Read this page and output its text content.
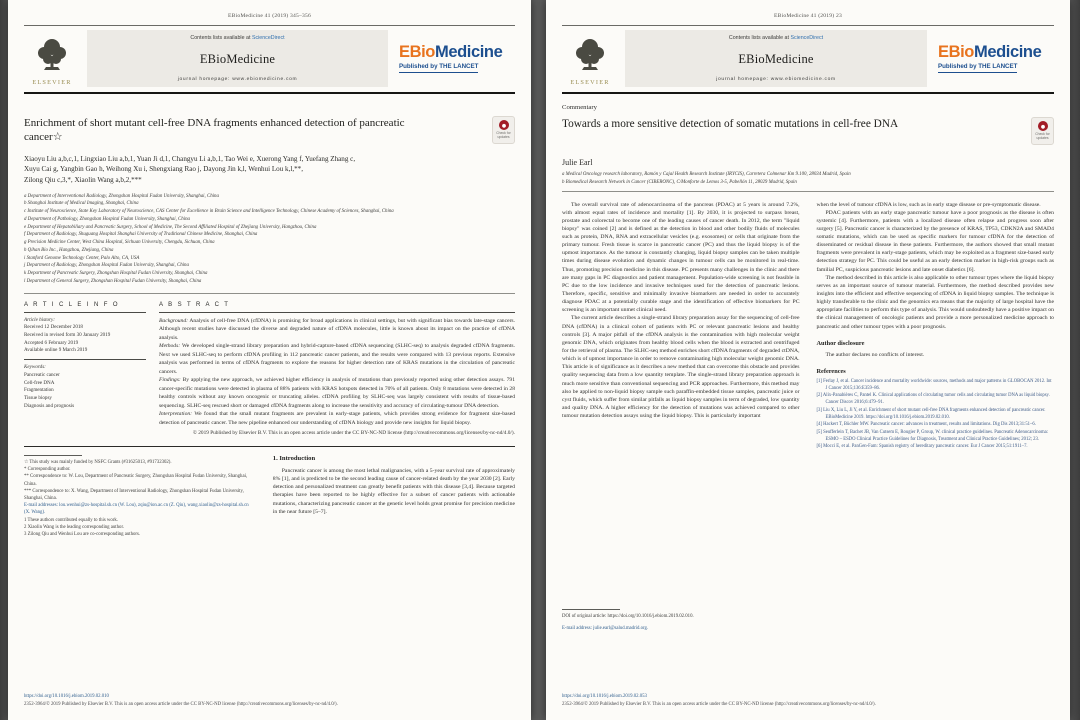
EBioMedicine 41 (2019) 345–356
ELSEVIER
Contents lists available at ScienceDirect
EBioMedicine
journal homepage: www.ebiomedicine.com
EBioMedicine
Published by THE LANCET
Enrichment of short mutant cell-free DNA fragments enhanced detection of pancreatic cancer☆	Check for updates
Xiaoyu Liu a,b,c,1, Lingxiao Liu a,b,1, Yuan Ji d,1, Changyu Li a,b,1, Tao Wei e, Xuerong Yang f, Yuefang Zhang c,
Xuyu Cai g, Yangbin Gao h, Weihong Xu i, Shengxiang Rao j, Dayong Jin k,l, Wenhui Lou k,l,**,
Zilong Qiu c,3,*, Xiaolin Wang a,b,2,***
a Department of Interventional Radiology, Zhongshan Hospital Fudan University, Shanghai, China
b Shanghai Institute of Medical Imaging, Shanghai, China
c Institute of Neuroscience, State Key Laboratory of Neuroscience, CAS Center for Excellence in Brain Science and Intelligence Technology, Chinese Academy of Sciences, Shanghai, China
d Department of Pathology, Zhongshan Hospital Fudan University, Shanghai, China
e Department of Hepatobiliary and Pancreatic Surgery, School of Medicine, The Second Affiliated Hospital of Zhejiang University, Hangzhou, China
f Department of Radiology, Shuguang Hospital Shanghai University of Traditional Chinese Medicine, Shanghai, China
g Precision Medicine Center, West China Hospital, Sichuan University, Chengdu, Sichuan, China
h Qihan Bio Inc., Hangzhou, Zhejiang, China
i Stanford Genome Technology Center, Palo Alto, CA, USA
j Department of Radiology, Zhongshan Hospital Fudan University, Shanghai, China
k Department of Pancreatic Surgery, Zhongshan Hospital Fudan University, Shanghai, China
l Department of General Surgery, Zhongshan Hospital Fudan University, Shanghai, China
A R T I C L E I N F O
Article history:
Received 12 December 2018
Received in revised form 30 January 2019
Accepted 6 February 2019
Available online 9 March 2019
Keywords:
Pancreatic cancer
Cell-free DNA
Fragmentation
Tissue biopsy
Diagnosis and prognosis
A B S T R A C T

Background: Analysis of cell-free DNA (cfDNA) is promising for broad applications in clinical settings, but with significant bias towards late-stage cancers. Although recent studies have discussed the diverse and degraded nature of cfDNA molecules, little is known about its impact on the practice of cfDNA analysis.

Methods: We developed single-strand library preparation and hybrid-capture-based cfDNA sequencing (SLHC-seq) to analysis degraded cfDNA fragments. Next we used SLHC-seq to perform cfDNA profiling in 112 pancreatic cancer patients, and the results were compared with 13 previous reports. Extensive analysis was performed in terms of cfDNA fragments to explore the reasons for higher detection rate of KRAS mutations in the circulation of pancreatic cancers.

Findings: By applying the new approach, we achieved higher efficiency in analysis of mutations than previously reported using other detection assays. 791 cancer-specific mutations were detected in plasma of 88% patients with KRAS hotspots detected in 70% of all patients. Only 8 mutations were detected in 28 healthy controls without any known oncogenic or truncating alleles. cfDNA profiling by SLHC-seq was largely consistent with results of tissue-based sequencing. SLHC-seq rescued short or damaged cfDNA fragments along to increase the sensitivity and accuracy of circulating-tumour DNA detection.

Interpretation: We found that the small mutant fragments are prevalent in early-stage patients, which provides strong evidence for fragment size-based detection of pancreatic cancer. The new pipeline enhanced our understanding of cfDNA biology and provide new insights for liquid biopsy.

© 2019 Published by Elsevier B.V. This is an open access article under the CC BY-NC-ND license (http://creativecommons.org/licenses/by-nc-nd/4.0/).
☆ This study was mainly funded by NSFC Grants (#31625013, #91732302).
* Corresponding author.
** Correspondence to: W. Lou, Department of Pancreatic Surgery, Zhongshan Hospital Fudan University, Shanghai, China.
*** Correspondence to: X. Wang, Department of Interventional Radiology, Zhongshan Hospital Fudan University, Shanghai, China.
E-mail addresses: lou.wenhui@zs-hospital.sh.cn (W. Lou), zqiu@ion.ac.cn (Z. Qiu), wang.xiaolin@zs-hospital.sh.cn (X. Wang).
1 These authors contributed equally to this work.
2 Xiaolin Wang is the leading corresponding author.
3 Zilong Qiu and Wenhui Lou are co-corresponding authors.
1. Introduction

Pancreatic cancer is among the most lethal malignancies, with a 5-year survival rate of approximately 8% [1], and is predicted to be the second leading cause of cancer-related death by the year 2030 [2]. Early detection and personalized treatment can greatly benefit patients with this disease [3,4]. Because targeted therapies have been reported to be highly effective for a subset of cancer patients with actionable mutations, characterizing pancreatic cancer at the genetic level holds great promise for precision medicine in the near future [5–7].

https://doi.org/10.1016/j.ebiom.2019.02.010
2352-3964/© 2019 Published by Elsevier B.V. This is an open access article under the CC BY-NC-ND license (http://creativecommons.org/licenses/by-nc-nd/4.0/).
EBioMedicine 41 (2019) 23
ELSEVIER
Contents lists available at ScienceDirect
EBioMedicine
journal homepage: www.ebiomedicine.com
EBioMedicine
Published by THE LANCET
Commentary
Towards a more sensitive detection of somatic mutations in cell-free DNA
Check for updates
Julie Earl
a Medical Oncology research laboratory, Ramón y Cajal Health Research Institute (IRYCIS), Carretera Colmenar Km 9.100, 28034 Madrid, Spain
b Biomedical Research Network in Cancer (CIBERONC), C/Monforte de Lemos 3-5, Pabellón 11, 28029 Madrid, Spain

The overall survival rate of adenocarcinoma of the pancreas (PDAC) at 5 years is around 7.2%, with almost equal rates of incidence and mortality [1]. By 2030, it is projected to surpass breast, prostate and colorectal to become one of the leading causes of cancer death. In 2012, the term "liquid biopsy" was coined [2] and is defined as the detection in blood and other bodily fluids of molecules such as protein, DNA, RNA and extracellular vesicles (e.g. exosomes) or cells that originate from the primary tumour. Fresh tissue is scarce in pancreatic cancer (PC) and thus the liquid biopsy is of the upmost importance. As the tumour is constantly changing, liquid biopsy samples can be taken multiple times during disease evolution and dynamic changes in tumour cells can be monitored in real-time. Thus, promoting precision medicine in this disease. PC presents many challenges in the clinic and there are many gaps in PC diagnostics and patient management. Population-wide screening is not feasible in PC due to the low incidence and invasive techniques used for the detection of pancreatic lesions. Therefore, specific, sensitive and minimally invasive biomarkers are needed in order to accurately diagnose PDAC at a potentially curable stage and the identification of effective biomarkers for PC screening is an important unmet clinical need.

The current article describes a single-strand library preparation assay for the sequencing of cell-free DNA (cfDNA) in a clinical cohort of patients with PC or relevant pancreatic lesions and healthy controls [3]. A major pitfall of the cfDNA analysis is the contamination with high molecular weight genomic DNA, which originates from healthy blood cells when the blood is extracted and centrifuged for the retrieval of plasma. The SLHC-seq method enriches short cfDNA fragments of degraded ctDNA, which is of upmost importance in order to remove contaminating high molecular weight genomic DNA. This article is of significance as it describes a new method that can overcome this obstacle and provides quality sequencing data from a low quantity template. The single-strand library preparation approach is much more sensitive than conventional sequencing and PCR approaches. Furthermore, this method may also be applied to non-liquid biopsy sample such paraffin-embedded tissue samples, pancreatic juice or cyst fluids, which suffer from similar pitfalls as liquid biopsy samples in term of degraded, low quantity and quality DNA. A higher efficiency for the detection of mutations was achieved compared to other tumour mutation detection assays using the liquid biopsy. This is particularly important

DOI of original article: https://doi.org/10.1016/j.ebiom.2019.02.010.
E-mail address: julie.earl@salud.madrid.org.

when the level of tumour cfDNA is low, such as in early stage disease or pre-symptomatic disease.

PDAC patients with an early stage pancreatic tumour have a poor prognosis as the disease is often systemic [4]. Furthermore, patients with a localized disease often relapse and progress soon after surgery [5]. Pancreatic cancer is characterized by the presence of KRAS, TP53, CDKN2A and SMAD4 somatic mutations, which can be used as specific markers for tumour cfDNA for the detection of disseminated or residual disease in these patients. Furthermore, the authors showed that small mutant fragments were prevalent in early-stage patients, which may be exploited as a fragment size-based early detection strategy for PC. This could be useful as an early detection marker in high-risk groups such as familial PC, suspicious pancreatic lesions and late onset diabetics [6].

The method described in this article is also applicable to other tumour types where the liquid biopsy serves as an important source of tumour material. Furthermore, the method described provides new insights into the efficient and effective sequencing of cfDNA in liquid biopsy samples. The technique is highly transferable to the clinic and the genomics era means that the majority of large hospital have the appropriate facilities to perform this type of analysis. This would undoubtedly have a positive impact on the clinical management of oncologic patients and provide a more personalized medicine approach to pancreatic and other tumour types with a poor prognosis.

Author disclosure

The author declares no conflicts of interest.

References
[1] Ferlay J, et al. Cancer incidence and mortality worldwide: sources, methods and major patterns in GLOBOCAN 2012. Int J Cancer 2015;136:E359–86.
[2] Alix-Panabières C, Pantel K. Clinical applications of circulating tumor cells and circulating tumor DNA as liquid biopsy. Cancer Discov 2016;6:479–91.
[3] Liu X, Liu L, Ji Y, et al. Enrichment of short mutant cell-free DNA fragments enhanced detection of pancreatic cancer. EBioMedicine 2019. https://doi.org/10.1016/j.ebiom.2019.02.010.
[4] Hackert T, Büchler MW. Pancreatic cancer: advances in treatment, results and limitations. Dig Dis 2013;31:51–6.
[5] Seufferlein T, Bachet JB, Van Cutsem E, Rougier P, Group, W. clinical practice guidelines. Pancreatic Adenocarcinoma: ESMO – ESDO Clinical Practice Guidelines for Diagnosis, Treatment and Clinical Practice Guidelines; 2012; 23.
[6] Mocci E, et al. PanGen-Fam: Spanish registry of hereditary pancreatic cancer. Eur J Cancer 2015;51:1911–7.
https://doi.org/10.1016/j.ebiom.2019.02.053
2352-3964/© 2019 Published by Elsevier B.V. This is an open access article under the CC BY-NC-ND license (http://creativecommons.org/licenses/by-nc-nd/4.0/).
